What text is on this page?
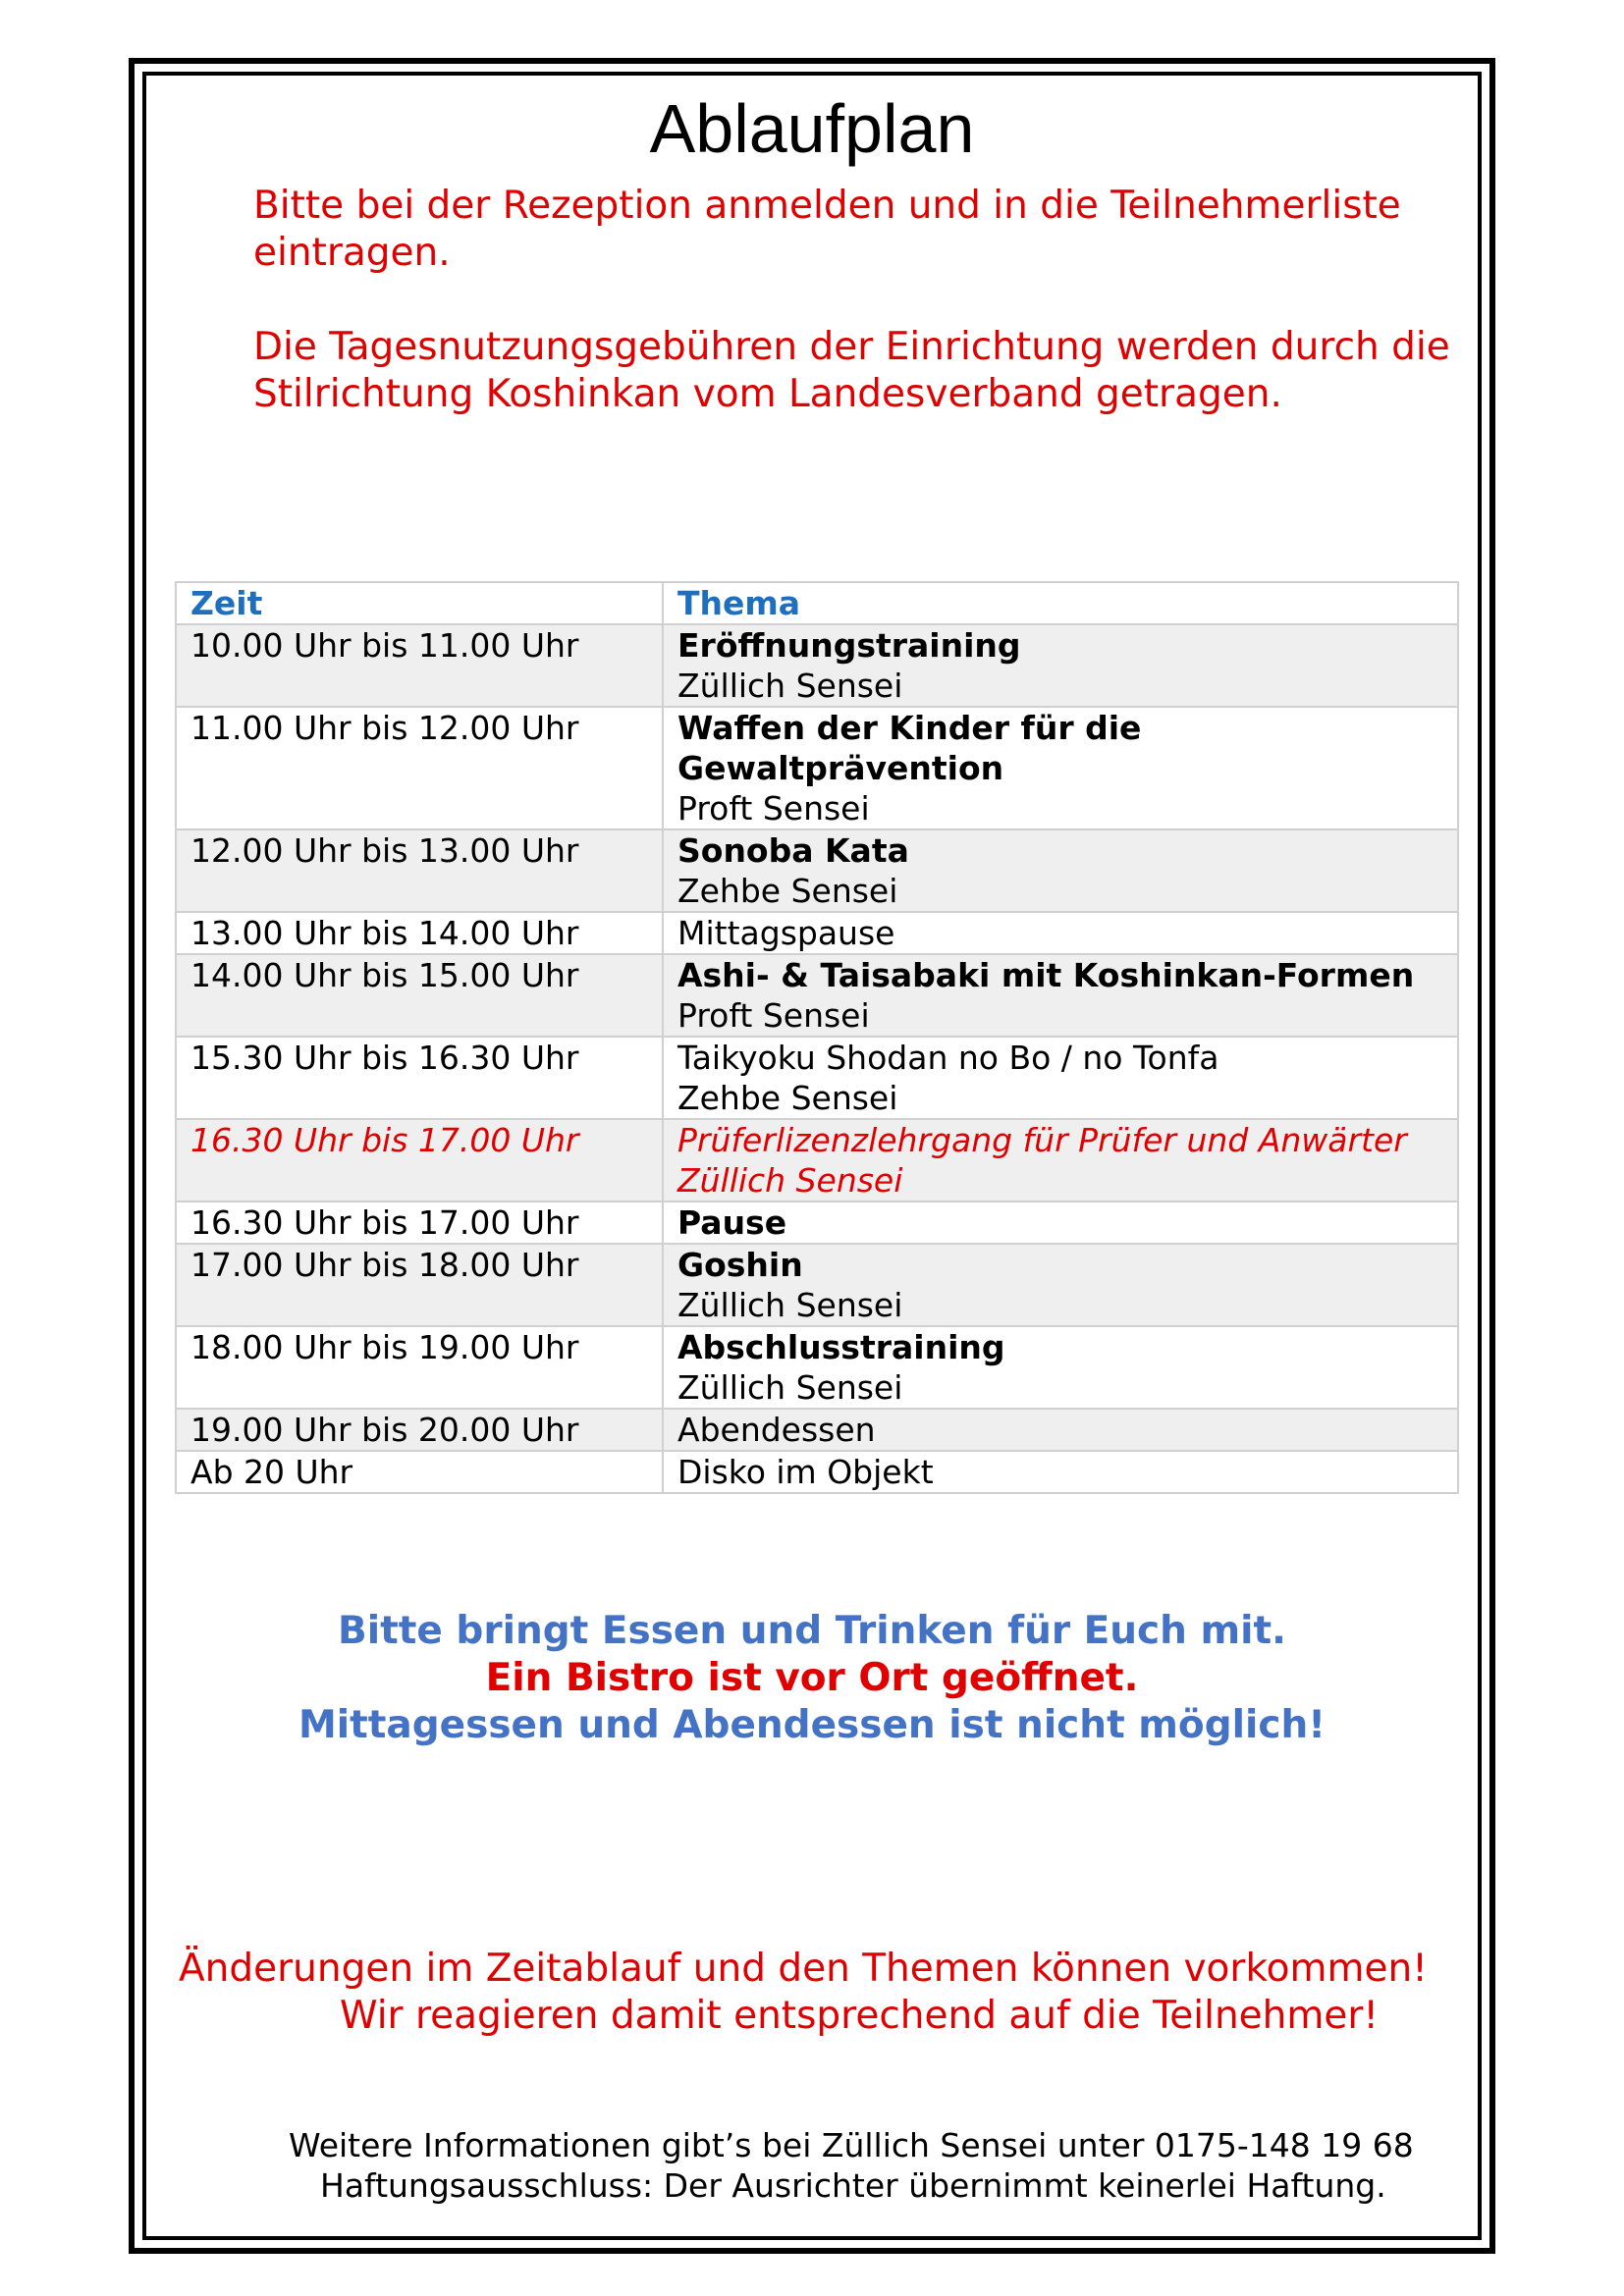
Ablaufplan
Bitte bei der Rezeption anmelden und in die Teilnehmerliste eintragen.
Die Tagesnutzungsgebühren der Einrichtung werden durch die Stilrichtung Koshinkan vom Landesverband getragen.
Zeit	Thema
10.00 Uhr bis 11.00 Uhr	Eröffnungstraining
Züllich Sensei

11.00 Uhr bis 12.00 Uhr	Waffen der Kinder für die Gewaltprävention
Proft Sensei

12.00 Uhr bis 13.00 Uhr	Sonoba Kata
Zehbe Sensei

13.00 Uhr bis 14.00 Uhr	Mittagspause

14.00 Uhr bis 15.00 Uhr	Ashi- & Taisabaki mit Koshinkan-Formen
Proft Sensei

15.30 Uhr bis 16.30 Uhr	Taikyoku Shodan no Bo / no Tonfa
Zehbe Sensei

16.30 Uhr bis 17.00 Uhr	Prüferlizenzlehrgang für Prüfer und Anwärter
Züllich Sensei

16.30 Uhr bis 17.00 Uhr	Pause

17.00 Uhr bis 18.00 Uhr	Goshin
Züllich Sensei

18.00 Uhr bis 19.00 Uhr	Abschlusstraining
Züllich Sensei

19.00 Uhr bis 20.00 Uhr	Abendessen

Ab 20 Uhr	Disko im Objekt
Bitte bringt Essen und Trinken für Euch mit.
Ein Bistro ist vor Ort geöffnet.
Mittagessen und Abendessen ist nicht möglich!
Änderungen im Zeitablauf und den Themen können vorkommen!
Wir reagieren damit entsprechend auf die Teilnehmer!
Weitere Informationen gibt’s bei Züllich Sensei unter 0175-148 19 68
Haftungsausschluss: Der Ausrichter übernimmt keinerlei Haftung.
